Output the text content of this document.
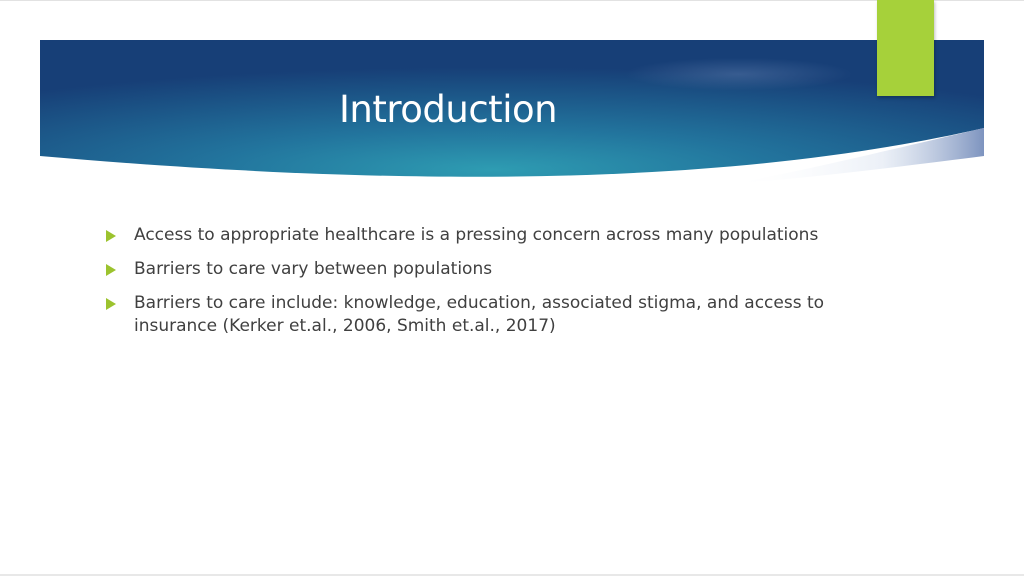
Introduction
Access to appropriate healthcare is a pressing concern across many populations
Barriers to care vary between populations
Barriers to care include: knowledge, education, associated stigma, and access to insurance (Kerker et.al., 2006, Smith et.al., 2017)
